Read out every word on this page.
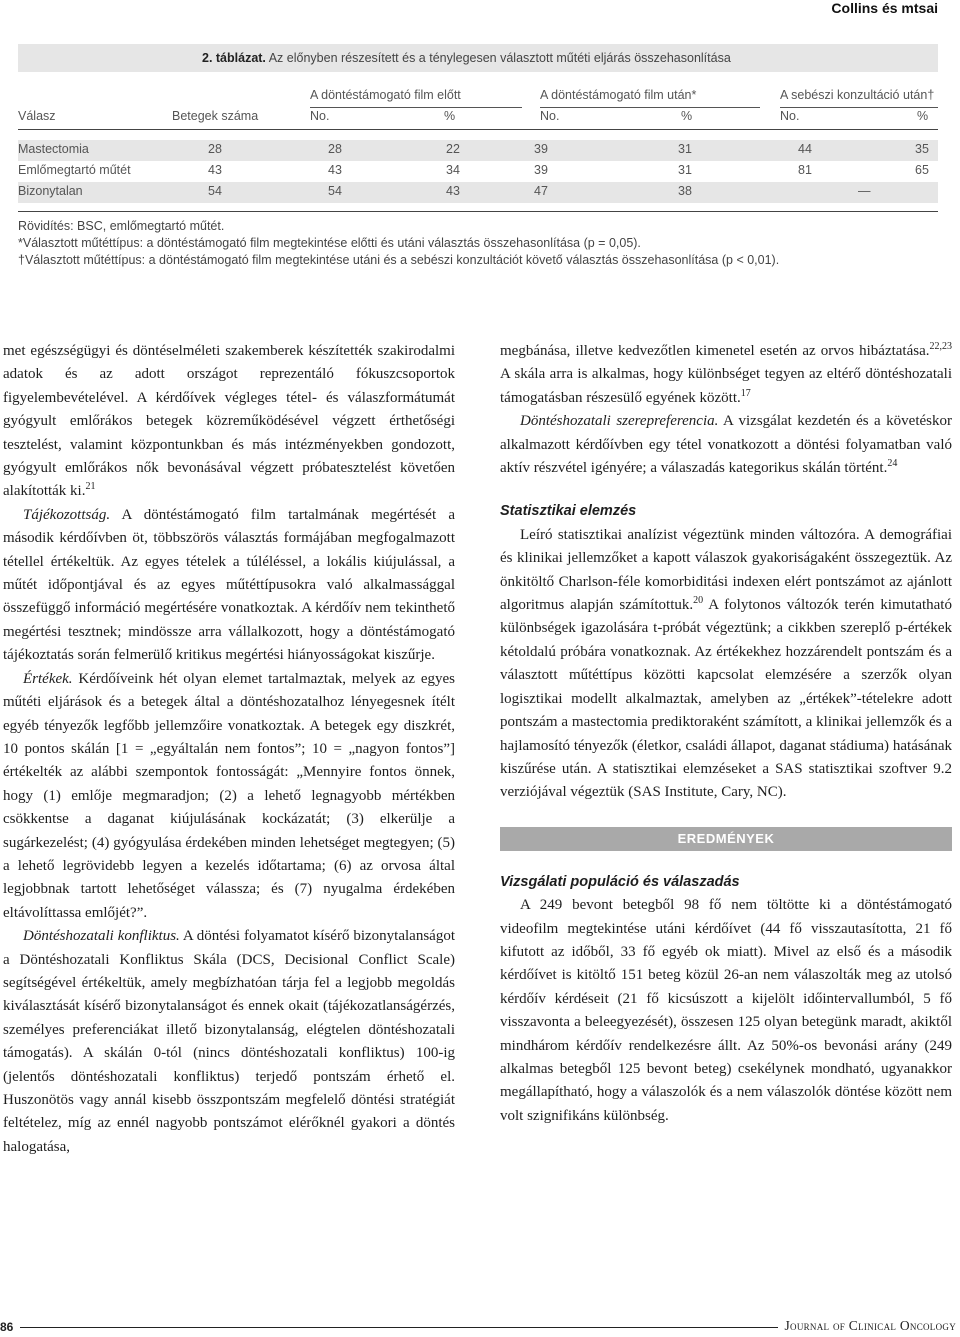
Collins és mtsai
2. táblázat. Az előnyben részesített és a ténylegesen választott műtéti eljárás összehasonlítása
A döntéstámogató film előtt	A döntéstámogató film után*	A sebészi konzultáció után†
Válasz	Betegek száma	No.	%	No.	%	No.	%
Mastectomia	28	28	22	39	31	44	35
Emlőmegtartó műtét	43	43	34	39	31	81	65
Bizonytalan	54	54	43	47	38	—
Rövidítés: BSC, emlőmegtartó műtét.
*Választott műtéttípus: a döntéstámogató film megtekintése előtti és utáni választás összehasonlítása (p = 0,05).
†Választott műtéttípus: a döntéstámogató film megtekintése utáni és a sebészi konzultációt követő választás összehasonlítása (p < 0,01).

met egészségügyi és döntéselméleti szakemberek készítették szakirodalmi adatok és az adott országot reprezentáló fókuszcsoportok figyelembevételével. A kérdőívek végleges tétel- és válaszformátumát gyógyult emlőrákos betegek közreműködésével végzett érthetőségi tesztelést, valamint központunkban és más intézményekben gondozott, gyógyult emlőrákos nők bevonásával végzett próbatesztelést követően alakították ki.$^{21}$

Tájékozottság. A döntéstámogató film tartalmának megértését a második kérdőívben öt, többszörös választás formájában megfogalmazott tétellel értékeltük. Az egyes tételek a túléléssel, a lokális kiújulással, a műtét időpontjával és az egyes műtéttípusokra való alkalmassággal összefüggő információ megértésére vonatkoztak. A kérdőív nem tekinthető megértési tesztnek; mindössze arra vállalkozott, hogy a döntéstámogató tájékoztatás során felmerülő kritikus megértési hiányosságokat kiszűrje.

Értékek. Kérdőíveink hét olyan elemet tartalmaztak, melyek az egyes műtéti eljárások és a betegek által a döntéshozatalhoz lényegesnek ítélt egyéb tényezők legfőbb jellemzőire vonatkoztak. A betegek egy diszkrét, 10 pontos skálán [1 = „egyáltalán nem fontos”; 10 = „nagyon fontos”] értékelték az alábbi szempontok fontosságát: „Mennyire fontos önnek, hogy (1) emlője megmaradjon; (2) a lehető legnagyobb mértékben csökkentse a daganat kiújulásának kockázatát; (3) elkerülje a sugárkezelést; (4) gyógyulása érdekében minden lehetséget megtegyen; (5) a lehető legrövidebb legyen a kezelés időtartama; (6) az orvosa által legjobbnak tartott lehetőséget válassza; és (7) nyugalma érdekében eltávolíttassa emlőjét?”.

Döntéshozatali konfliktus. A döntési folyamatot kísérő bizonytalanságot a Döntéshozatali Konfliktus Skála (DCS, Decisional Conflict Scale) segítségével értékeltük, amely megbízhatóan tárja fel a legjobb megoldás kiválasztását kísérő bizonytalanságot és ennek okait (tájékozatlanságérzés, személyes preferenciákat illető bizonytalanság, elégtelen döntéshozatali támogatás). A skálán 0-tól (nincs döntéshozatali konfliktus) 100-ig (jelentős döntéshozatali konfliktus) terjedő pontszám érhető el. Huszonötös vagy annál kisebb összpontszám megfelelő döntési stratégiát feltételez, míg az ennél nagyobb pontszámot elérőknél gyakori a döntés halogatása,

megbánása, illetve kedvezőtlen kimenetel esetén az orvos hibáztatása.$^{22,23}$ A skála arra is alkalmas, hogy különbséget tegyen az eltérő döntéshozatali támogatásban részesülő egyének között.$^{17}$

Döntéshozatali szerepreferencia. A vizsgálat kezdetén és a követéskor alkalmazott kérdőívben egy tétel vonatkozott a döntési folyamatban való aktív részvétel igényére; a válaszadás kategorikus skálán történt.$^{24}$

Statisztikai elemzés

Leíró statisztikai analízist végeztünk minden változóra. A demográfiai és klinikai jellemzőket a kapott válaszok gyakoriságaként összegeztük. Az önkitöltő Charlson-féle komorbiditási indexen elért pontszámot az ajánlott algoritmus alapján számítottuk.$^{20}$ A folytonos változók terén kimutatható különbségek igazolására t-próbát végeztünk; a cikkben szereplő p-értékek kétoldalú próbára vonatkoznak. Az értékekhez hozzárendelt pontszám és a választott műtéttípus közötti kapcsolat elemzésére a szerzők olyan logisztikai modellt alkalmaztak, amelyben az „értékek”-tételekre adott pontszám a mastectomia prediktoraként számított, a klinikai jellemzők és a hajlamosító tényezők (életkor, családi állapot, daganat stádiuma) hatásának kiszűrése után. A statisztikai elemzéseket a SAS statisztikai szoftver 9.2 verziójával végeztük (SAS Institute, Cary, NC).

EREDMÉNYEK
Vizsgálati populáció és válaszadás

A 249 bevont betegből 98 fő nem töltötte ki a döntéstámogató videofilm megtekintése utáni kérdőívet (44 fő visszautasította, 21 fő kifutott az időből, 33 fő egyéb ok miatt). Mivel az első és a második kérdőívet is kitöltő 151 beteg közül 26-an nem válaszolták meg az utolsó kérdőív kérdéseit (21 fő kicsúszott a kijelölt időintervallumból, 5 fő visszavonta a beleegyezését), összesen 125 olyan betegünk maradt, akiktől mindhárom kérdőív rendelkezésre állt. Az 50%-os bevonási arány (249 alkalmas betegből 125 bevont beteg) csekélynek mondható, ugyanakkor megállapítható, hogy a válaszolók és a nem válaszolók döntése között nem volt szignifikáns különbség.

86	Journal of Clinical Oncology
